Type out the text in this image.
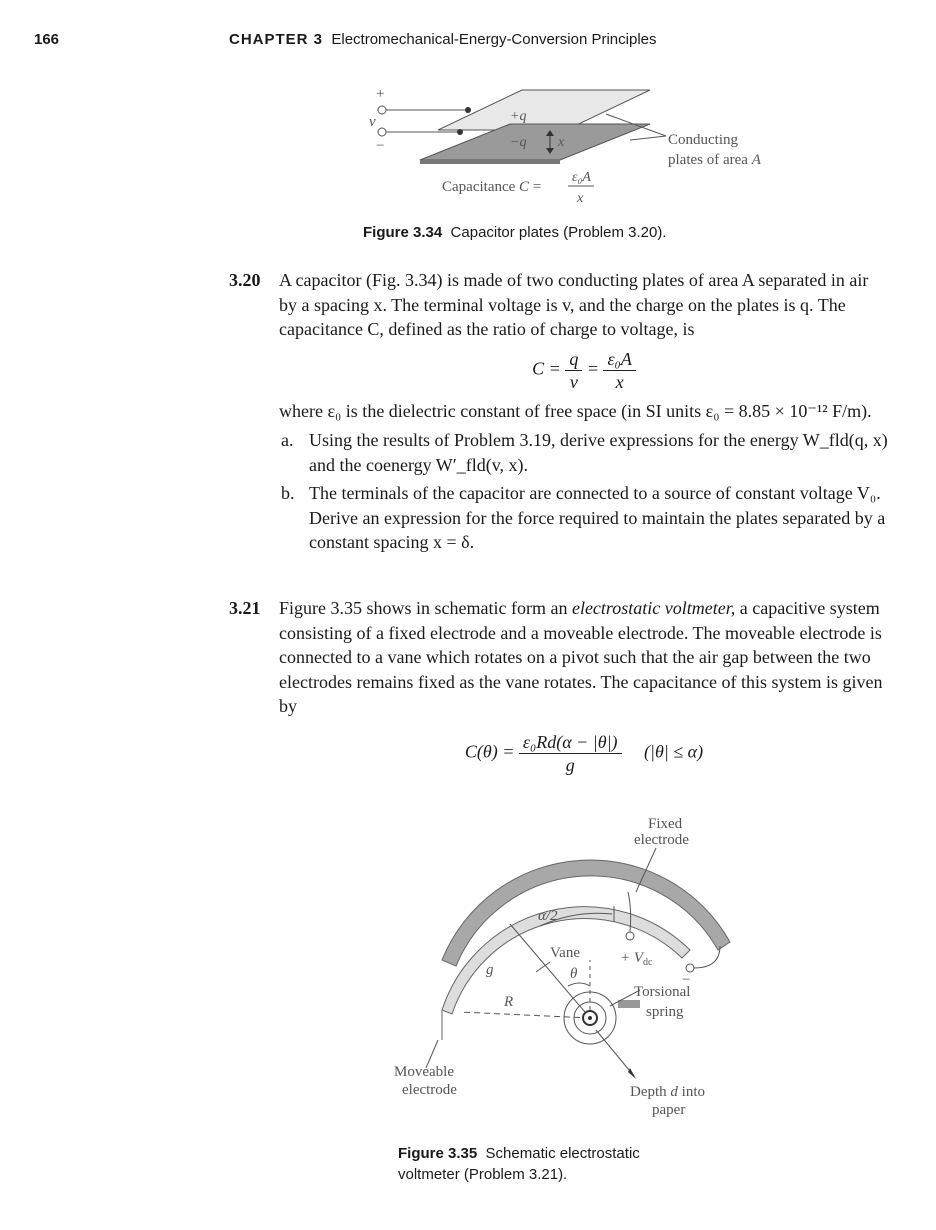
166	CHAPTER 3 Electromechanical-Energy-Conversion Principles
+
v
−
+q
−q x	Conducting
plates of area A
Capacitance C =
ε₀A
x
Figure 3.34 Capacitor plates (Problem 3.20).
3.20 A capacitor (Fig. 3.34) is made of two conducting plates of area A separated in air by a spacing x. The terminal voltage is v, and the charge on the plates is q. The capacitance C, defined as the ratio of charge to voltage, is
$C = \frac{q}{v} = \frac{\text{ε₀A}}{x}$
where ε₀ is the dielectric constant of free space (in SI units ε₀ = 8.85 × 10⁻¹² F/m).
a. Using the results of Problem 3.19, derive expressions for the energy W_fld(q, x) and the coenergy W′_fld(v, x).
b. The terminals of the capacitor are connected to a source of constant voltage V₀. Derive an expression for the force required to maintain the plates separated by a constant spacing x = δ.
3.21 Figure 3.35 shows in schematic form an electrostatic voltmeter, a capacitive system consisting of a fixed electrode and a moveable electrode. The moveable electrode is connected to a vane which rotates on a pivot such that the air gap between the two electrodes remains fixed as the vane rotates. The capacitance of this system is given by
$C(\theta) = \frac{\text{ε₀Rd(α − |θ|)}}{g} (|\theta| \le \alpha)$
Fixed
electrode
α/2
Vane
θ
g
R
+ $V_{dc}$
−
Torsional
spring
Moveable
electrode	Depth d into
paper
Figure 3.35 Schematic electrostatic
voltmeter (Problem 3.21).
